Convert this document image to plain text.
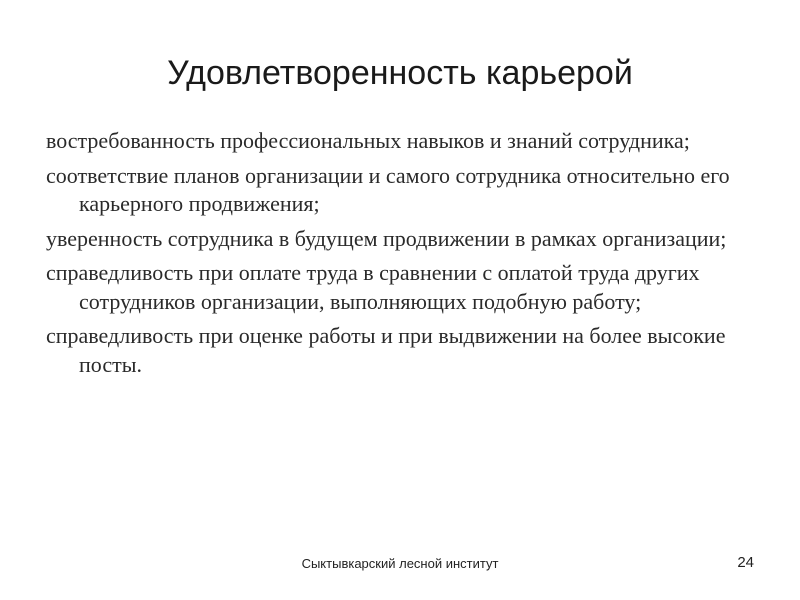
Удовлетворенность карьерой
востребованность профессиональных навыков и знаний сотрудника;
соответствие планов организации и самого сотрудника относительно его карьерного продвижения;
уверенность сотрудника в будущем продвижении в рамках организации;
справедливость при оплате труда в сравнении с оплатой труда других сотрудников организации, выполняющих подобную работу;
справедливость при оценке работы и при выдвижении на более высокие посты.
Сыктывкарский лесной институт	24
